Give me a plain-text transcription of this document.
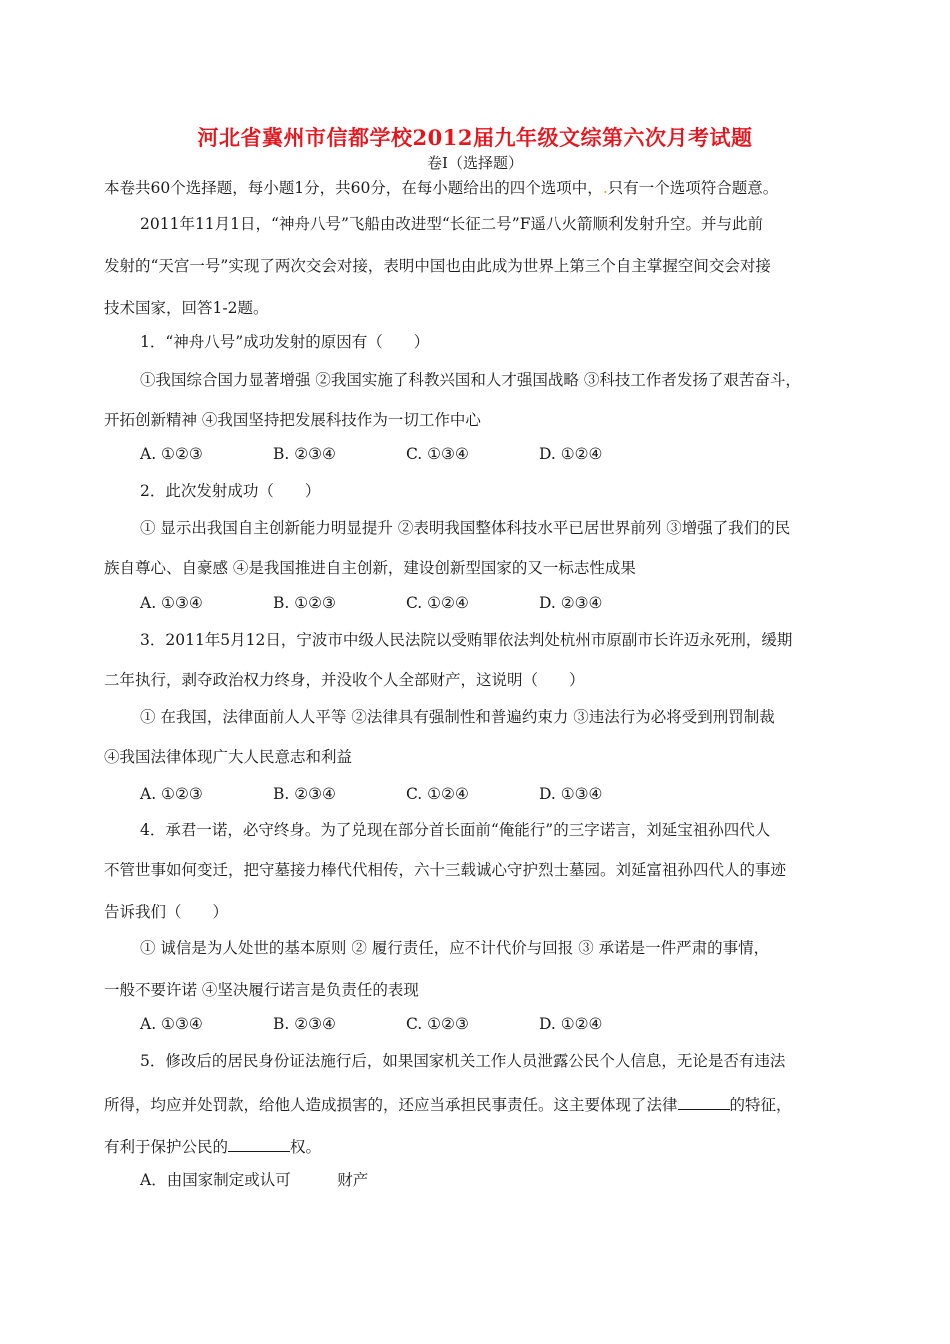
河北省冀州市信都学校2012届九年级文综第六次月考试题
卷Ⅰ（选择题）
本卷共60个选择题，每小题1分，共60分，在每小题给出的四个选项中，.只有一个选项符合题意。
2011年11月1日，“神舟八号”飞船由改进型“长征二号”F遥八火箭顺利发射升空。并与此前
发射的“天宫一号”实现了两次交会对接，表明中国也由此成为世界上第三个自主掌握空间交会对接
技术国家，回答1-2题。
1．“神舟八号”成功发射的原因有（　　）
①我国综合国力显著增强 ②我国实施了科教兴国和人才强国战略 ③科技工作者发扬了艰苦奋斗，
开拓创新精神 ④我国坚持把发展科技作为一切工作中心
A. ①②③	B. ②③④	C. ①③④	D. ①②④
2．此次发射成功（　　）
① 显示出我国自主创新能力明显提升 ②表明我国整体科技水平已居世界前列 ③增强了我们的民
族自尊心、自豪感 ④是我国推进自主创新，建设创新型国家的又一标志性成果
A. ①③④	B. ①②③	C. ①②④	D. ②③④
3．2011年5月12日，宁波市中级人民法院以受贿罪依法判处杭州市原副市长许迈永死刑，缓期
二年执行，剥夺政治权力终身，并没收个人全部财产，这说明（　　）
① 在我国，法律面前人人平等 ②法律具有强制性和普遍约束力 ③违法行为必将受到刑罚制裁
④我国法律体现广大人民意志和利益
A. ①②③	B. ②③④	C. ①②④	D. ①③④
4．承君一诺，必守终身。为了兑现在部分首长面前“俺能行”的三字诺言，刘延宝祖孙四代人
不管世事如何变迁，把守墓接力棒代代相传，六十三载诚心守护烈士墓园。刘延富祖孙四代人的事迹
告诉我们（　　）
① 诚信是为人处世的基本原则 ② 履行责任，应不计代价与回报 ③ 承诺是一件严肃的事情，
一般不要许诺 ④坚决履行诺言是负责任的表现
A. ①③④	B. ②③④	C. ①②③	D. ①②④
5．修改后的居民身份证法施行后，如果国家机关工作人员泄露公民个人信息，无论是否有违法
所得，均应并处罚款，给他人造成损害的，还应当承担民事责任。这主要体现了法律	的特征，
有利于保护公民的	权。
A．由国家制定或认可　　　财产
